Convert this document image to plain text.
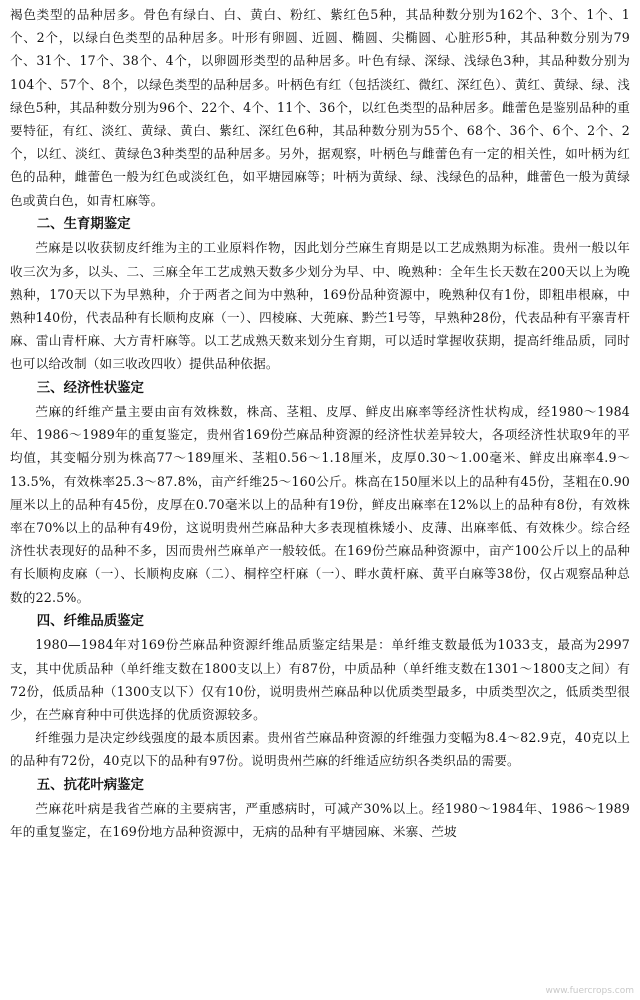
褐色类型的品种居多。骨色有绿白、白、黄白、粉红、紫红色5种，其品种数分别为162个、3个、1个、1个、2个，以绿白色类型的品种居多。叶形有卵圆、近圆、椭圆、尖椭圆、心脏形5种，其品种数分别为79个、31个、17个、38个、4个，以卵圆形类型的品种居多。叶色有绿、深绿、浅绿色3种，其品种数分别为104个、57个、8个，以绿色类型的品种居多。叶柄色有红（包括淡红、微红、深红色）、黄红、黄绿、绿、浅绿色5种，其品种数分别为96个、22个、4个、11个、36个，以红色类型的品种居多。雌蕾色是鉴别品种的重要特征，有红、淡红、黄绿、黄白、紫红、深红色6种，其品种数分别为55个、68个、36个、6个、2个、2个，以红、淡红、黄绿色3种类型的品种居多。另外，据观察，叶柄色与雌蕾色有一定的相关性，如叶柄为红色的品种，雌蕾色一般为红色或淡红色，如平塘园麻等；叶柄为黄绿、绿、浅绿色的品种，雌蕾色一般为黄绿色或黄白色，如青杠麻等。

二、生育期鉴定

苎麻是以收获韧皮纤维为主的工业原料作物，因此划分苎麻生育期是以工艺成熟期为标准。贵州一般以年收三次为多，以头、二、三麻全年工艺成熟天数多少划分为早、中、晚熟种：全年生长天数在200天以上为晚熟种，170天以下为早熟种，介于两者之间为中熟种，169份品种资源中，晚熟种仅有1份，即粗串根麻，中熟种140份，代表品种有长顺枸皮麻（一）、四棱麻、大蔸麻、黔苎1号等，早熟种28份，代表品种有平寨青杆麻、雷山青杆麻、大方青杆麻等。以工艺成熟天数来划分生育期，可以适时掌握收获期，提高纤维品质，同时也可以给改制（如三收改四收）提供品种依据。

三、经济性状鉴定

苎麻的纤维产量主要由亩有效株数，株高、茎粗、皮厚、鲜皮出麻率等经济性状构成，经1980～1984年、1986～1989年的重复鉴定，贵州省169份苎麻品种资源的经济性状差异较大，各项经济性状取9年的平均值，其变幅分别为株高77～189厘米、茎粗0.56～1.18厘米，皮厚0.30～1.00毫米、鲜皮出麻率4.9～13.5%，有效株率25.3～87.8%，亩产纤维25～160公斤。株高在150厘米以上的品种有45份，茎粗在0.90厘米以上的品种有45份，皮厚在0.70毫米以上的品种有19份，鲜皮出麻率在12%以上的品种有8份，有效株率在70%以上的品种有49份，这说明贵州苎麻品种大多表现植株矮小、皮薄、出麻率低、有效株少。综合经济性状表现好的品种不多，因而贵州苎麻单产一般较低。在169份苎麻品种资源中，亩产100公斤以上的品种有长顺枸皮麻（一）、长顺枸皮麻（二）、桐梓空杆麻（一）、畔水黄杆麻、黄平白麻等38份，仅占观察品种总数的22.5%。

四、纤维品质鉴定

1980—1984年对169份苎麻品种资源纤维品质鉴定结果是：单纤维支数最低为1033支，最高为2997支，其中优质品种（单纤维支数在1800支以上）有87份，中质品种（单纤维支数在1301～1800支之间）有72份，低质品种（1300支以下）仅有10份，说明贵州苎麻品种以优质类型最多，中质类型次之，低质类型很少，在苎麻育种中可供选择的优质资源较多。

纤维强力是决定纱线强度的最本质因素。贵州省苎麻品种资源的纤维强力变幅为8.4～82.9克，40克以上的品种有72份，40克以下的品种有97份。说明贵州苎麻的纤维适应纺织各类织品的需要。

五、抗花叶病鉴定

苎麻花叶病是我省苎麻的主要病害，严重感病时，可减产30%以上。经1980～1984年、1986～1989年的重复鉴定，在169份地方品种资源中，无病的品种有平塘园麻、米寨、苎坡

www.fuercrops.com
